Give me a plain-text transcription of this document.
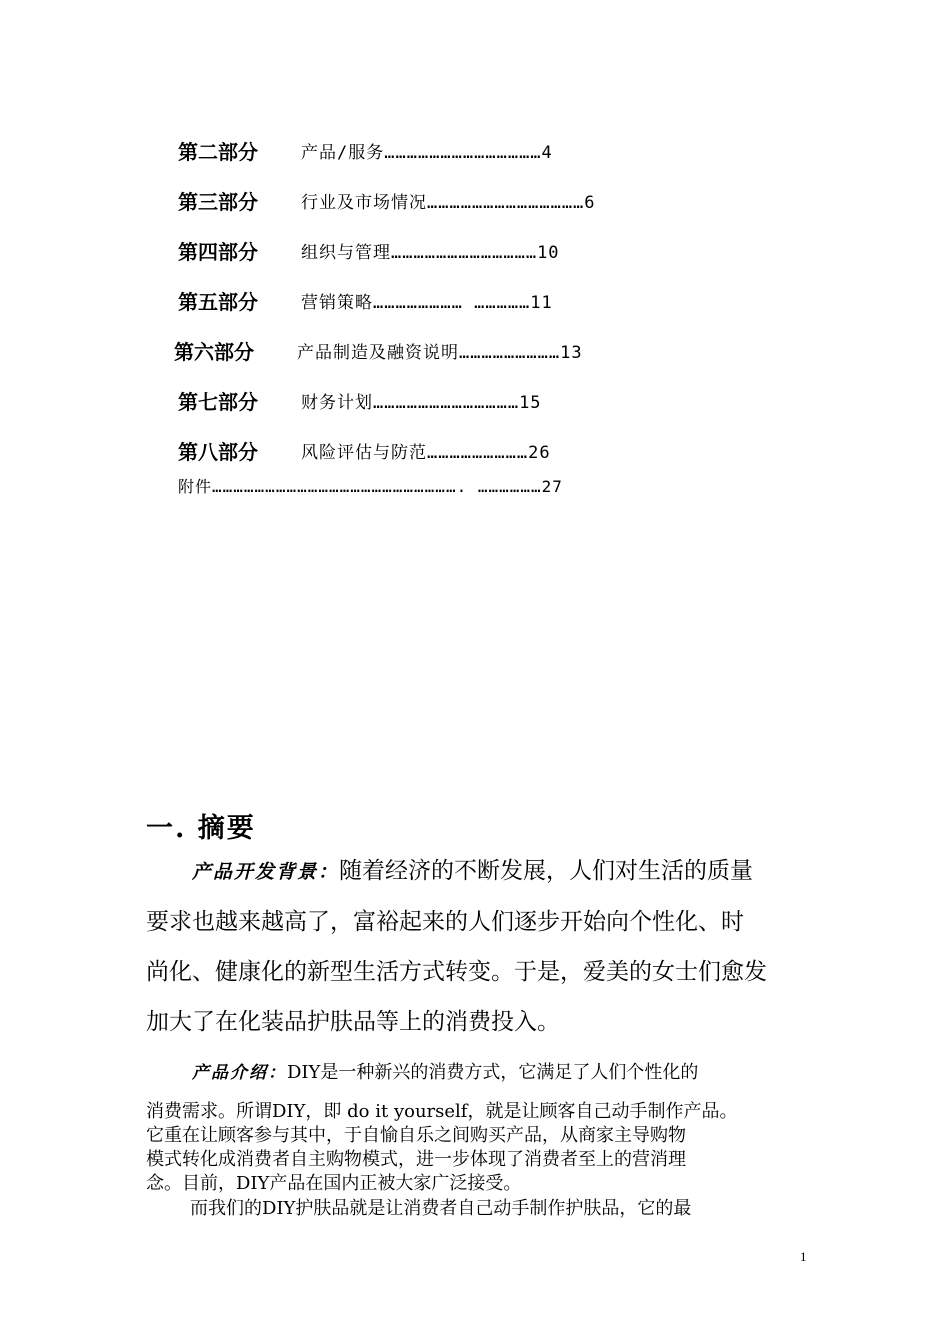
第二部分	产品/服务……………………………………4
第三部分	行业及市场情况……………………………………6
第四部分	组织与管理…………………………………10
第五部分	营销策略…………………… ……………11
第六部分	产品制造及融资说明………………………13
第七部分	财务计划…………………………………15
第八部分	风险评估与防范………………………26
附件……………………………………………………………. ………………27
一. 摘要
产品开发背景：随着经济的不断发展，人们对生活的质量
要求也越来越高了，富裕起来的人们逐步开始向个性化、时
尚化、健康化的新型生活方式转变。于是，爱美的女士们愈发
加大了在化装品护肤品等上的消费投入。
产品介绍：DIY是一种新兴的消费方式，它满足了人们个性化的
消费需求。所谓DIY，即 do it yourself，就是让顾客自己动手制作产品。
它重在让顾客参与其中，于自愉自乐之间购买产品，从商家主导购物
模式转化成消费者自主购物模式，进一步体现了消费者至上的营消理
念。目前，DIY产品在国内正被大家广泛接受。
而我们的DIY护肤品就是让消费者自己动手制作护肤品，它的最
1
